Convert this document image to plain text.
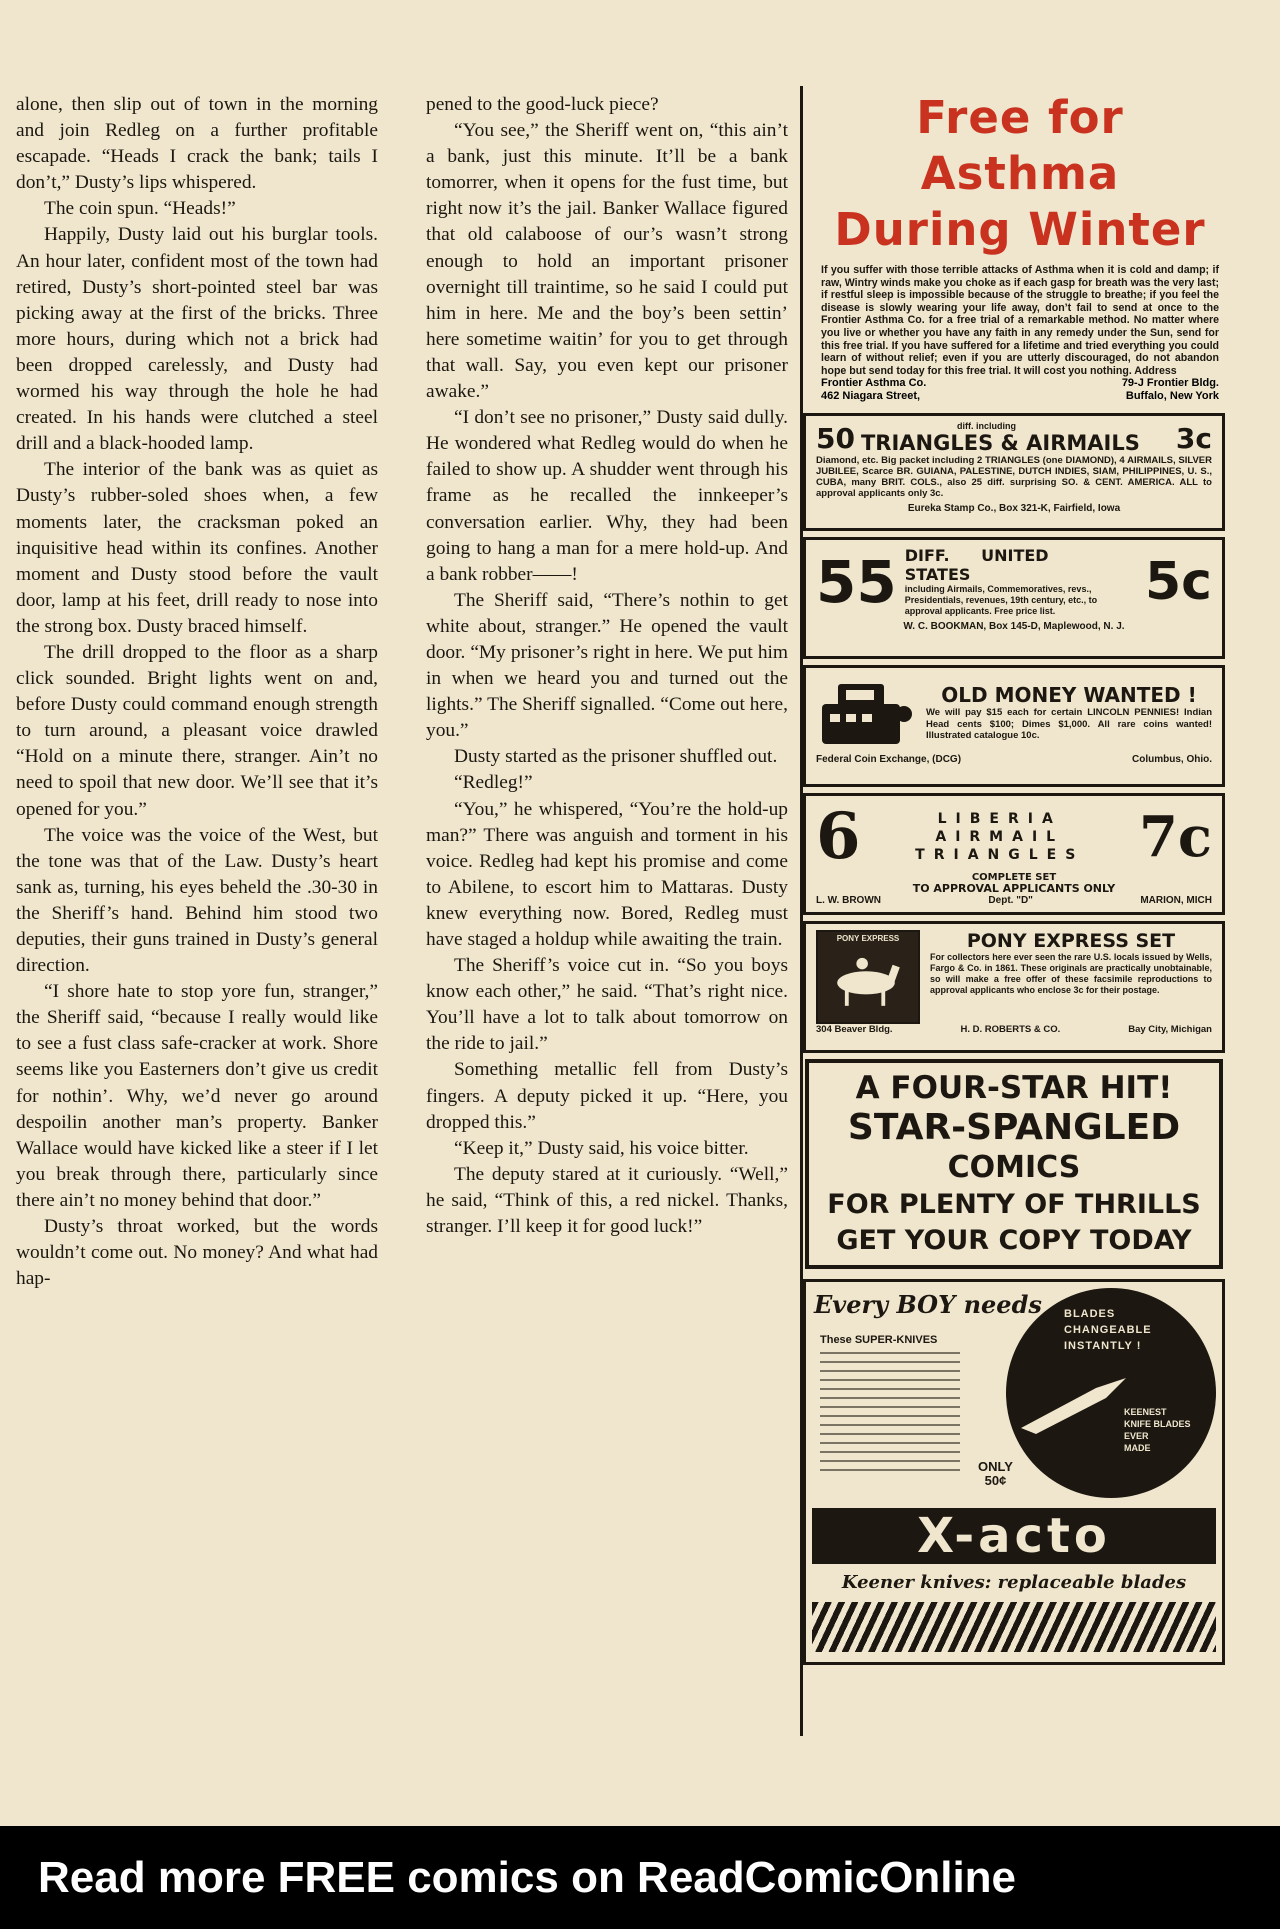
alone, then slip out of town in the morning and join Redleg on a further profitable escapade. “Heads I crack the bank; tails I don’t,” Dusty’s lips whispered.

The coin spun. “Heads!”

Happily, Dusty laid out his burglar tools. An hour later, confident most of the town had retired, Dusty’s short-pointed steel bar was picking away at the first of the bricks. Three more hours, during which not a brick had been dropped carelessly, and Dusty had wormed his way through the hole he had created. In his hands were clutched a steel drill and a black-hooded lamp.

The interior of the bank was as quiet as Dusty’s rubber-soled shoes when, a few moments later, the cracksman poked an inquisitive head within its confines. Another moment and Dusty stood before the vault door, lamp at his feet, drill ready to nose into the strong box. Dusty braced himself.

The drill dropped to the floor as a sharp click sounded. Bright lights went on and, before Dusty could command enough strength to turn around, a pleasant voice drawled “Hold on a minute there, stranger. Ain’t no need to spoil that new door. We’ll see that it’s opened for you.”

The voice was the voice of the West, but the tone was that of the Law. Dusty’s heart sank as, turning, his eyes beheld the .30-30 in the Sheriff’s hand. Behind him stood two deputies, their guns trained in Dusty’s general direction.

“I shore hate to stop yore fun, stranger,” the Sheriff said, “because I really would like to see a fust class safe-cracker at work. Shore seems like you Easterners don’t give us credit for nothin’. Why, we’d never go around despoilin another man’s property. Banker Wallace would have kicked like a steer if I let you break through there, particularly since there ain’t no money behind that door.”

Dusty’s throat worked, but the words wouldn’t come out. No money? And what had hap-

pened to the good-luck piece?

“You see,” the Sheriff went on, “this ain’t a bank, just this minute. It’ll be a bank tomorrer, when it opens for the fust time, but right now it’s the jail. Banker Wallace figured that old calaboose of our’s wasn’t strong enough to hold an important prisoner overnight till traintime, so he said I could put him in here. Me and the boy’s been settin’ here sometime waitin’ for you to get through that wall. Say, you even kept our prisoner awake.”

“I don’t see no prisoner,” Dusty said dully. He wondered what Redleg would do when he failed to show up. A shudder went through his frame as he recalled the innkeeper’s conversation earlier. Why, they had been going to hang a man for a mere hold-up. And a bank robber——!

The Sheriff said, “There’s nothin to get white about, stranger.” He opened the vault door. “My prisoner’s right in here. We put him in when we heard you and turned out the lights.” The Sheriff signalled. “Come out here, you.”

Dusty started as the prisoner shuffled out.

“Redleg!”

“You,” he whispered, “You’re the hold-up man?” There was anguish and torment in his voice. Redleg had kept his promise and come to Abilene, to escort him to Mattaras. Dusty knew everything now. Bored, Redleg must have staged a holdup while awaiting the train.

The Sheriff’s voice cut in. “So you boys know each other,” he said. “That’s right nice. You’ll have a lot to talk about tomorrow on the ride to jail.”

Something metallic fell from Dusty’s fingers. A deputy picked it up. “Here, you dropped this.”

“Keep it,” Dusty said, his voice bitter.

The deputy stared at it curiously. “Well,” he said, “Think of this, a red nickel. Thanks, stranger. I’ll keep it for good luck!”

Free for Asthma
During Winter
If you suffer with those terrible attacks of Asthma when it is cold and damp; if raw, Wintry winds make you choke as if each gasp for breath was the very last; if restful sleep is impossible because of the struggle to breathe; if you feel the disease is slowly wearing your life away, don’t fail to send at once to the Frontier Asthma Co. for a free trial of a remarkable method. No matter where you live or whether you have any faith in any remedy under the Sun, send for this free trial. If you have suffered for a lifetime and tried everything you could learn of without relief; even if you are utterly discouraged, do not abandon hope but send today for this free trial. It will cost you nothing. Address
Frontier Asthma Co.	79-J Frontier Bldg.
462 Niagara Street,	Buffalo, New York
50	diff. including
TRIANGLES & AIRMAILS	3c
Diamond, etc. Big packet including 2 TRIANGLES (one DIAMOND), 4 AIRMAILS, SILVER JUBILEE, Scarce BR. GUIANA, PALESTINE, DUTCH INDIES, SIAM, PHILIPPINES, U. S., CUBA, many BRIT. COLS., also 25 diff. surprising SO. & CENT. AMERICA. ALL to approval applicants only 3c.
Eureka Stamp Co., Box 321-K, Fairfield, Iowa
55 DIFF. UNITED STATES
including Airmails, Commemoratives, revs., Presidentials, revenues, 19th century, etc., to approval applicants. Free price list.	5c
W. C. BOOKMAN, Box 145-D, Maplewood, N. J.
OLD MONEY WANTED !
We will pay $15 each for certain LINCOLN PENNIES! Indian Head cents $100; Dimes $1,000. All rare coins wanted! Illustrated catalogue 10c.
Federal Coin Exchange, (DCG)	Columbus, Ohio.
6	LIBERIA
AIRMAIL
TRIANGLES 7c
COMPLETE SET
TO APPROVAL APPLICANTS ONLY
L. W. BROWN	Dept. "D"	MARION, MICH
PONY EXPRESS	PONY EXPRESS SET
For collectors here ever seen the rare U.S. locals issued by Wells, Fargo & Co. in 1861. These originals are practically unobtainable, so will make a free offer of these facsimile reproductions to approval applicants who enclose 3c for their postage.
304 Beaver Bldg.	H. D. ROBERTS & CO.	Bay City, Michigan
A FOUR-STAR HIT!
STAR-SPANGLED
COMICS
FOR PLENTY OF THRILLS
GET YOUR COPY TODAY
Every BOY needs
These SUPER-KNIVES
BLADES
CHANGEABLE
INSTANTLY !
KEENEST
KNIFE BLADES
EVER
MADE
ONLY
50¢
X-acto
Keener knives: replaceable blades
Read more FREE comics on ReadComicOnline
